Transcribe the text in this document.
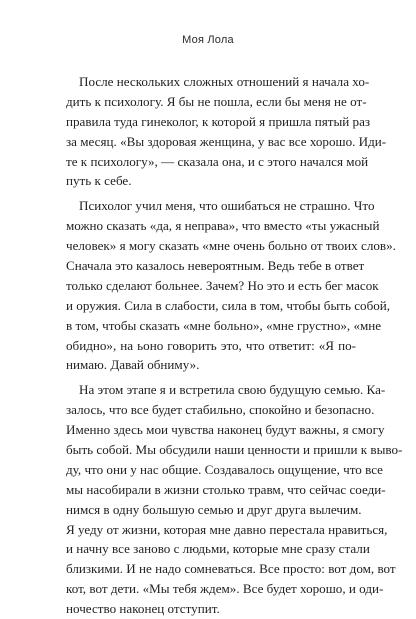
Моя Лола
После нескольких сложных отношений я начала хо-
дить к психологу. Я бы не пошла, если бы меня не от-
правила туда гинеколог, к которой я пришла пятый раз
за месяц. «Вы здоровая женщина, у вас все хорошо. Иди-
те к психологу», — сказала она, и с этого начался мой
путь к себе.
Психолог учил меня, что ошибаться не страшно. Что
можно сказать «да, я неправа», что вместо «ты ужасный
человек» я могу сказать «мне очень больно от твоих слов».
Сначала это казалось невероятным. Ведь тебе в ответ
только сделают больнее. Зачем? Но это и есть бег масок
и оружия. Сила в слабости, сила в том, чтобы быть собой,
в том, чтобы сказать «мне больно», «мне грустно», «мне
обидно», на ьоно говорить это, что ответит: «Я по-
нимаю. Давай обниму».
На этом этапе я и встретила свою будущую семью. Ка-
залось, что все будет стабильно, спокойно и безопасно.
Именно здесь мои чувства наконец будут важны, я смогу
быть собой. Мы обсудили наши ценности и пришли к выво-
ду, что они у нас общие. Создавалось ощущение, что все
мы насобирали в жизни столько травм, что сейчас соеди-
нимся в одну большую семью и друг друга вылечим.
Я уеду от жизни, которая мне давно перестала нравиться,
и начну все заново с людьми, которые мне сразу стали
близкими. И не надо сомневаться. Все просто: вот дом, вот
кот, вот дети. «Мы тебя ждем». Все будет хорошо, и оди-
ночество наконец отступит.
